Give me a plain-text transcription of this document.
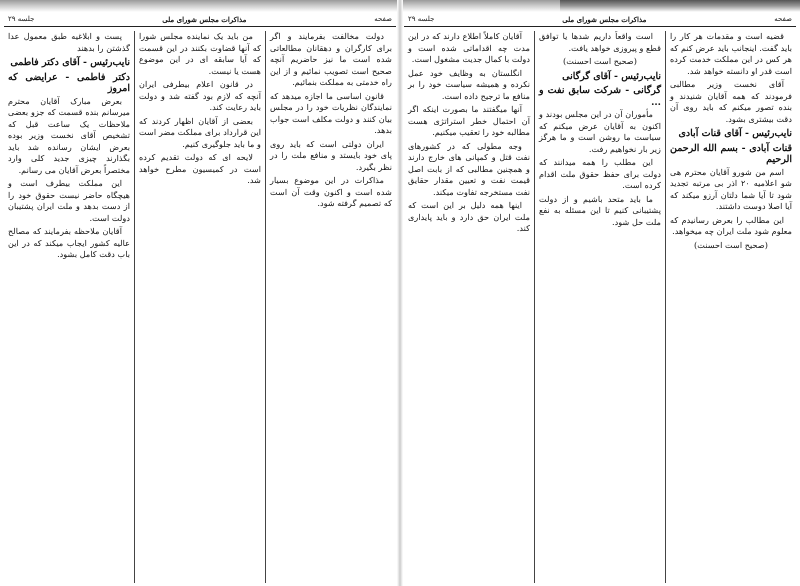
صفحه
مذاکرات مجلس شورای ملی
جلسه ۲۹

دولت مخالفت بفرمایند و اگر برای کارگران و دهقانان مطالعاتی شده است ما نیز حاضریم آنچه صحیح است تصویب نمائیم و از این راه خدمتی به مملکت بنمائیم.

قانون اساسی ما اجازه میدهد که نمایندگان نظریات خود را در مجلس بیان کنند و دولت مکلف است جواب بدهد.

ایران دولتی است که باید روی پای خود بایستد و منافع ملت را در نظر بگیرد.

مذاکرات در این موضوع بسیار شده است و اکنون وقت آن است که تصمیم گرفته شود.

من باید یک نماینده مجلس شورا که آنها قضاوت بکنند در این قسمت که آیا سابقه ای در این موضوع هست یا نیست.

در قانون اعلام بیطرفی ایران آنچه که لازم بود گفته شد و دولت باید رعایت کند.

بعضی از آقایان اظهار کردند که این قرارداد برای مملکت مضر است و ما باید جلوگیری کنیم.

لایحه ای که دولت تقدیم کرده است در کمیسیون مطرح خواهد شد.

پست و ابلاغیه طبق معمول عدا گذشتن را بدهند

نایب‌رئیس - آقای دکتر فاطمی
دکتر فاطمی - عرایضی که امروز

بعرض مبارک آقایان محترم میرسانم بنده قسمت که جزو بعضی ملاحظات یک ساعت قبل که تشخیص آقای نخست وزیر بوده بعرض ایشان رسانده شد باید بگذارند چیزی جدید کلی وارد مختصراً بعرض آقایان می رسانم.

این مملکت بیطرف است و هیچگاه حاضر نیست حقوق خود را از دست بدهد و ملت ایران پشتیبان دولت است.

آقایان ملاحظه بفرمایند که مصالح عالیه کشور ایجاب میکند که در این باب دقت کامل بشود.

صفحه
مذاکرات مجلس شورای ملی
جلسه ۲۹

قضیه است و مقدمات هر کار را باید گفت. اینجانب باید عرض کنم که هر کس در این مملکت خدمت کرده است قدر او دانسته خواهد شد.

آقای نخست وزیر مطالبی فرمودند که همه آقایان شنیدند و بنده تصور میکنم که باید روی آن دقت بیشتری بشود.

نایب‌رئیس - آقای قنات آبادی
قنات آبادی - بسم الله الرحمن الرحیم

اسم من شورو آقایان محترم هی شو اعلامیه ۲۰ اذر بی مرتبه تجدید شود تا آیا شما دلتان آرزو میکند که آیا اصلا دوست داشتند.

این مطالب را بعرض رسانیدم که معلوم شود ملت ایران چه میخواهد.

(صحیح است احسنت)

است واقعاً داریم شدها یا توافق قطع و پیروزی خواهد یافت.

(صحیح است احسنت)

نایب‌رئیس - آقای گرگانی
گرگانی - شرکت سابق نفت و ...

مأموران آن در این مجلس بودند و اکنون به آقایان عرض میکنم که سیاست ما روشن است و ما هرگز زیر بار نخواهیم رفت.

این مطلب را همه میدانند که دولت برای حفظ حقوق ملت اقدام کرده است.

ما باید متحد باشیم و از دولت پشتیبانی کنیم تا این مسئله به نفع ملت حل شود.

آقایان کاملاً اطلاع دارند که در این مدت چه اقداماتی شده است و دولت با کمال جدیت مشغول است.

انگلستان به وظایف خود عمل نکرده و همیشه سیاست خود را بر منافع ما ترجیح داده است.

آنها میگفتند ما بصورت اینکه اگر آن احتمال خطر استراتژی هست مطالبه خود را تعقیب میکنیم.

وجه مطولی که در کشورهای نفت قتل و کمپانی های خارج دارند و همچنین مطالبی که از بابت اصل قیمت نفت و تعیین مقدار حقایق نفت مستخرجه تفاوت میکند.

اینها همه دلیل بر این است که ملت ایران حق دارد و باید پایداری کند.
